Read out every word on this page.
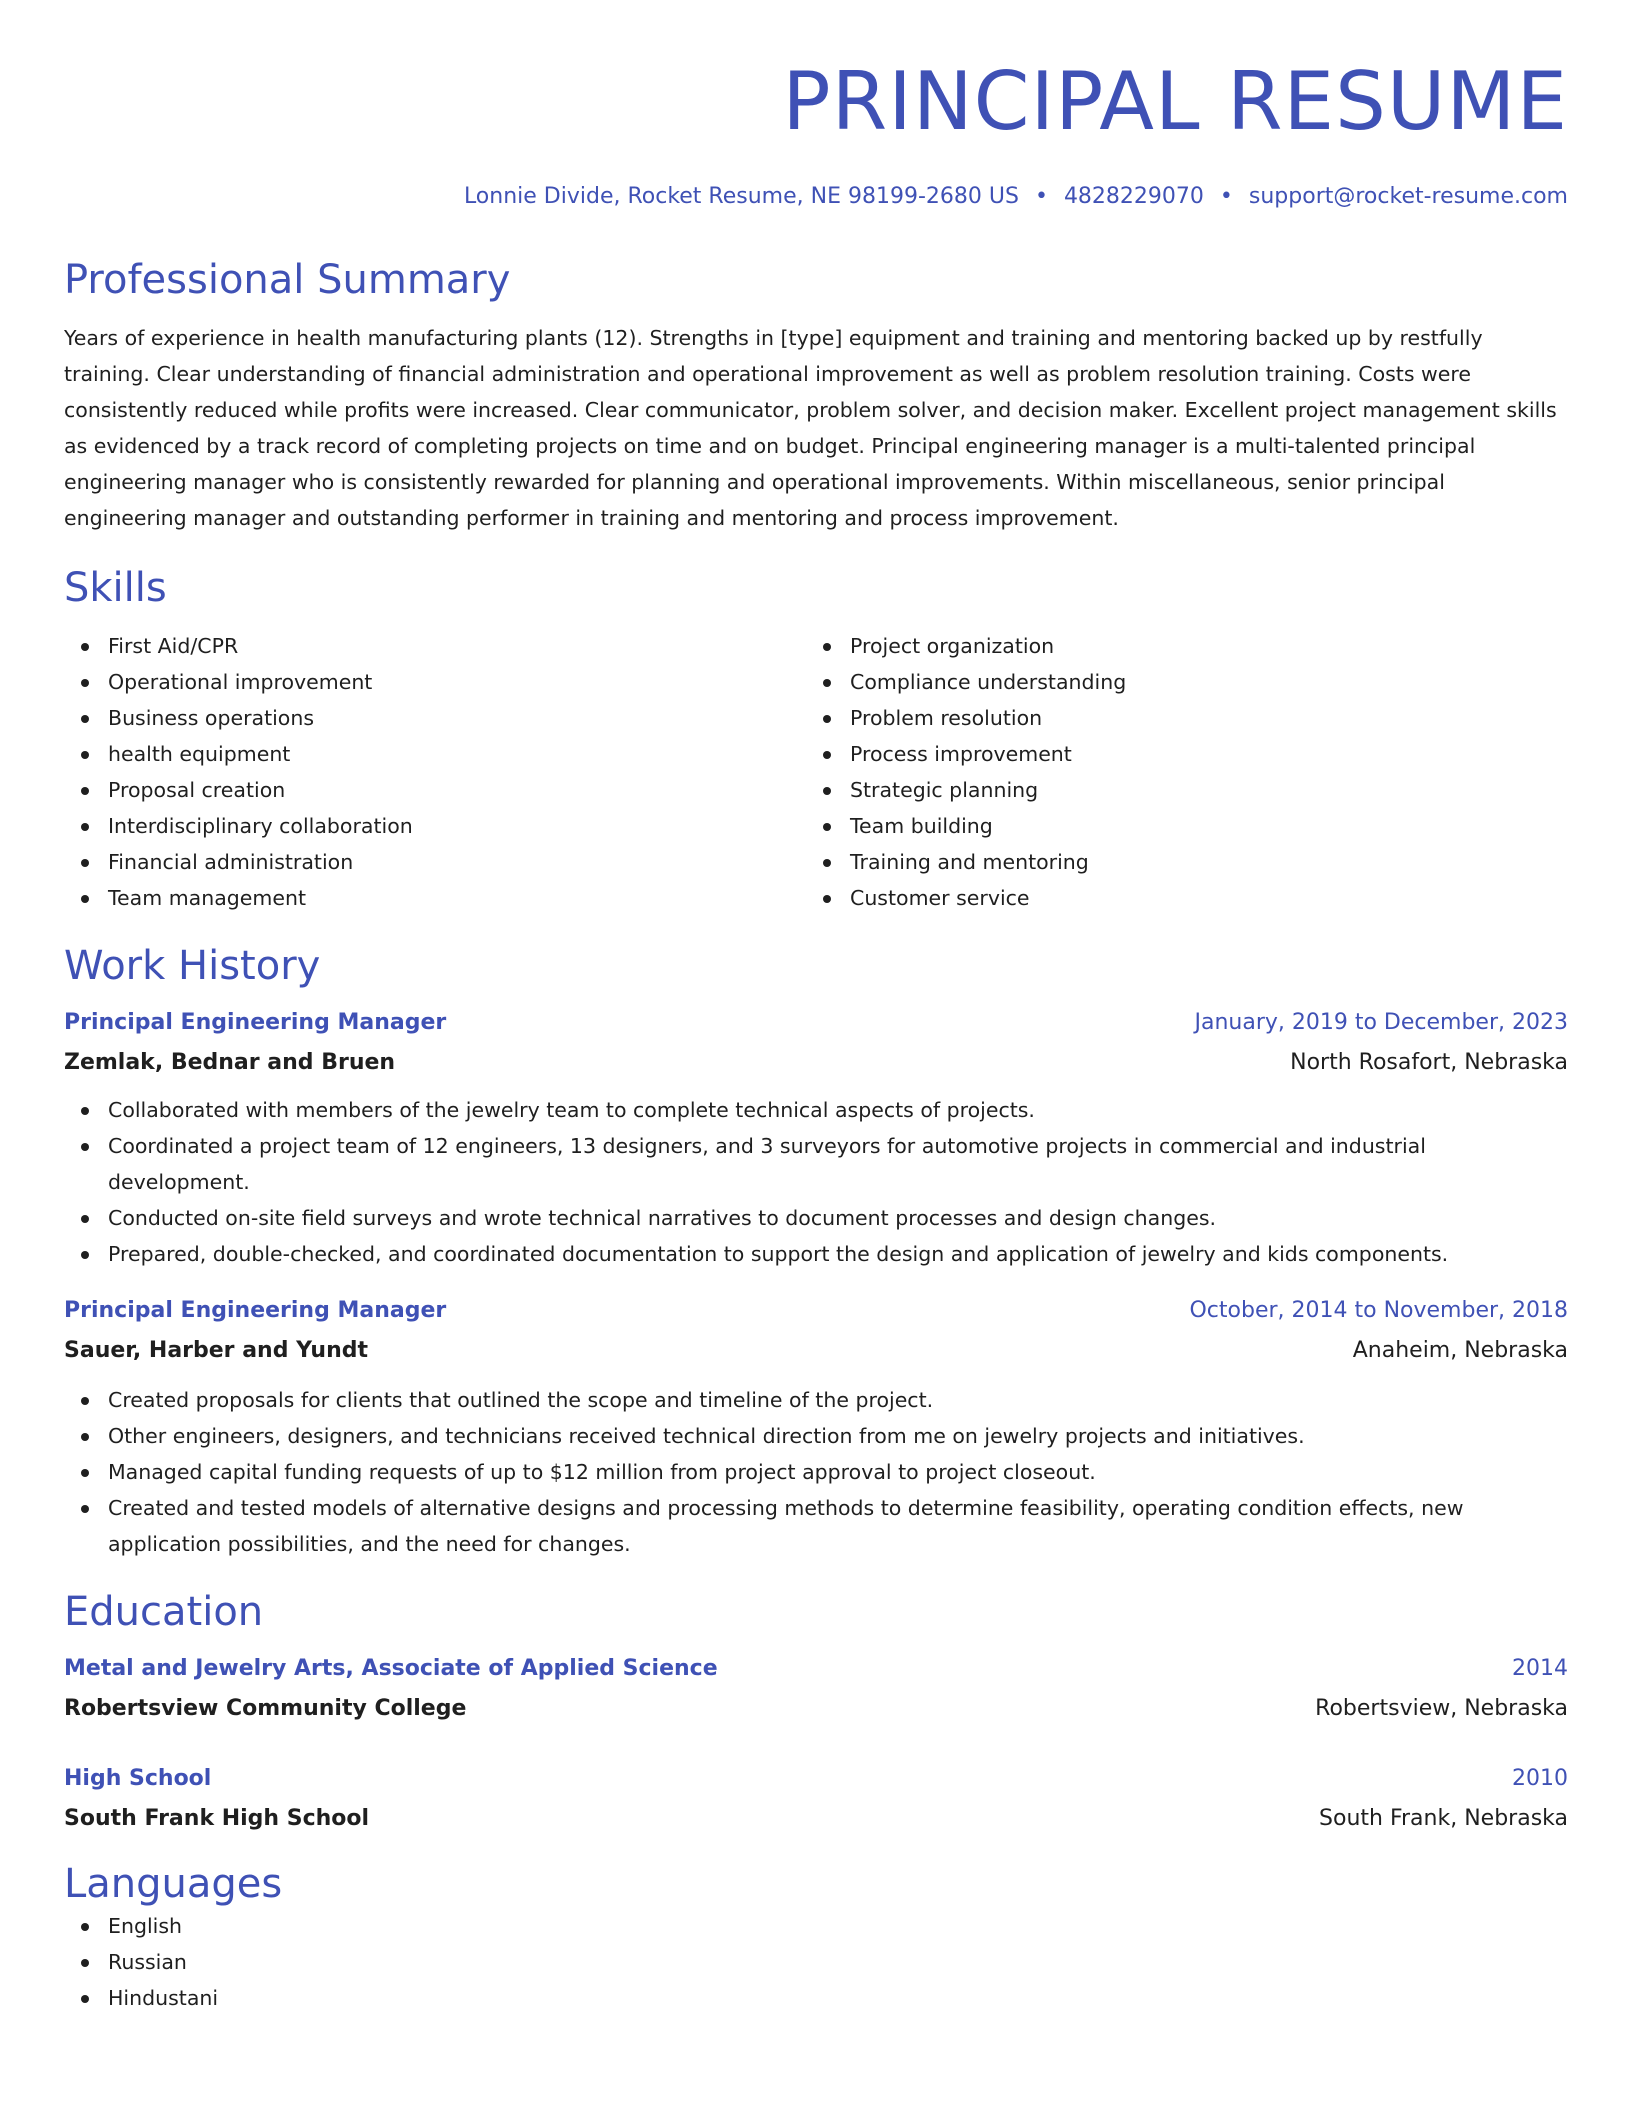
PRINCIPAL RESUME
Lonnie Divide, Rocket Resume, NE 98199-2680 US • 4828229070 • support@rocket-resume.com
Professional Summary
Years of experience in health manufacturing plants (12). Strengths in [type] equipment and training and mentoring backed up by restfully training. Clear understanding of financial administration and operational improvement as well as problem resolution training. Costs were consistently reduced while profits were increased. Clear communicator, problem solver, and decision maker. Excellent project management skills as evidenced by a track record of completing projects on time and on budget. Principal engineering manager is a multi-talented principal engineering manager who is consistently rewarded for planning and operational improvements. Within miscellaneous, senior principal engineering manager and outstanding performer in training and mentoring and process improvement.
Skills
First Aid/CPR
Operational improvement
Business operations
health equipment
Proposal creation
Interdisciplinary collaboration
Financial administration
Team management
Project organization
Compliance understanding
Problem resolution
Process improvement
Strategic planning
Team building
Training and mentoring
Customer service
Work History
Principal Engineering Manager	January, 2019 to December, 2023
Zemlak, Bednar and Bruen	North Rosafort, Nebraska
Collaborated with members of the jewelry team to complete technical aspects of projects.
Coordinated a project team of 12 engineers, 13 designers, and 3 surveyors for automotive projects in commercial and industrial development.
Conducted on-site field surveys and wrote technical narratives to document processes and design changes.
Prepared, double-checked, and coordinated documentation to support the design and application of jewelry and kids components.
Principal Engineering Manager	October, 2014 to November, 2018
Sauer, Harber and Yundt	Anaheim, Nebraska
Created proposals for clients that outlined the scope and timeline of the project.
Other engineers, designers, and technicians received technical direction from me on jewelry projects and initiatives.
Managed capital funding requests of up to $12 million from project approval to project closeout.
Created and tested models of alternative designs and processing methods to determine feasibility, operating condition effects, new application possibilities, and the need for changes.
Education
Metal and Jewelry Arts, Associate of Applied Science	2014
Robertsview Community College	Robertsview, Nebraska
High School	2010
South Frank High School	South Frank, Nebraska
Languages
English
Russian
Hindustani
